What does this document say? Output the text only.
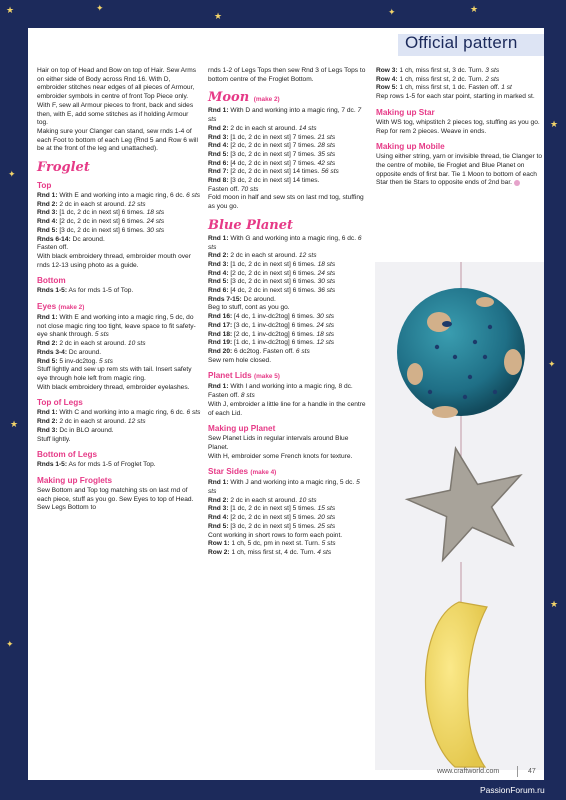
★	✦
★	✦	★
✦
★
✦
★
✦
★
Official pattern

Hair on top of Head and Bow on top of Hair. Sew Arms on either side of Body across Rnd 16. With D, embroider stitches near edges of all pieces of Armour, embroider symbols in centre of front Top Piece only. With F, sew all Armour pieces to front, back and sides then, with E, add some stitches as if holding Armour tog.

Making sure your Clanger can stand, sew rnds 1-4 of each Foot to bottom of each Leg (Rnd 5 and Row 6 will be at the front of the leg and unattached).

Froglet
Top

Rnd 1: With E and working into a magic ring, 6 dc. 6 sts

Rnd 2: 2 dc in each st around. 12 sts

Rnd 3: [1 dc, 2 dc in next st] 6 times. 18 sts

Rnd 4: [2 dc, 2 dc in next st] 6 times. 24 sts

Rnd 5: [3 dc, 2 dc in next st] 6 times. 30 sts

Rnds 6-14: Dc around.

Fasten off.

With black embroidery thread, embroider mouth over rnds 12-13 using photo as a guide.

Bottom

Rnds 1-5: As for rnds 1-5 of Top.

Eyes (make 2)

Rnd 1: With E and working into a magic ring, 5 dc, do not close magic ring too tight, leave space to fit safety-eye shank through. 5 sts

Rnd 2: 2 dc in each st around. 10 sts

Rnds 3-4: Dc around.

Rnd 5: 5 inv-dc2tog. 5 sts

Stuff lightly and sew up rem sts with tail. Insert safety eye through hole left from magic ring.

With black embroidery thread, embroider eyelashes.

Top of Legs

Rnd 1: With C and working into a magic ring, 6 dc. 6 sts

Rnd 2: 2 dc in each st around. 12 sts

Rnd 3: Dc in BLO around.

Stuff lightly.

Bottom of Legs

Rnds 1-5: As for rnds 1-5 of Froglet Top.

Making up Froglets

Sew Bottom and Top tog matching sts on last rnd of each piece, stuff as you go. Sew Eyes to top of Head. Sew Legs Bottom to

rnds 1-2 of Legs Tops then sew Rnd 3 of Legs Tops to bottom centre of the Froglet Bottom.

Moon (make 2)

Rnd 1: With D and working into a magic ring, 7 dc. 7 sts

Rnd 2: 2 dc in each st around. 14 sts

Rnd 3: [1 dc, 2 dc in next st] 7 times. 21 sts

Rnd 4: [2 dc, 2 dc in next st] 7 times. 28 sts

Rnd 5: [3 dc, 2 dc in next st] 7 times. 35 sts

Rnd 6: [4 dc, 2 dc in next st] 7 times. 42 sts

Rnd 7: [2 dc, 2 dc in next st] 14 times. 56 sts

Rnd 8: [3 dc, 2 dc in next st] 14 times.

Fasten off. 70 sts

Fold moon in half and sew sts on last rnd tog, stuffing as you go.

Blue Planet

Rnd 1: With G and working into a magic ring, 6 dc. 6 sts

Rnd 2: 2 dc in each st around. 12 sts

Rnd 3: [1 dc, 2 dc in next st] 6 times. 18 sts

Rnd 4: [2 dc, 2 dc in next st] 6 times. 24 sts

Rnd 5: [3 dc, 2 dc in next st] 6 times. 30 sts

Rnd 6: [4 dc, 2 dc in next st] 6 times. 36 sts

Rnds 7-15: Dc around.

Beg to stuff, cont as you go.

Rnd 16: [4 dc, 1 inv-dc2tog] 6 times. 30 sts

Rnd 17: [3 dc, 1 inv-dc2tog] 6 times. 24 sts

Rnd 18: [2 dc, 1 inv-dc2tog] 6 times. 18 sts

Rnd 19: [1 dc, 1 inv-dc2tog] 6 times. 12 sts

Rnd 20: 6 dc2tog. Fasten off. 6 sts

Sew rem hole closed.

Planet Lids (make 5)

Rnd 1: With I and working into a magic ring, 8 dc. Fasten off. 8 sts

With J, embroider a little line for a handle in the centre of each Lid.

Making up Planet

Sew Planet Lids in regular intervals around Blue Planet.

With H, embroider some French knots for texture.

Star Sides (make 4)

Rnd 1: With J and working into a magic ring, 5 dc. 5 sts

Rnd 2: 2 dc in each st around. 10 sts

Rnd 3: [1 dc, 2 dc in next st] 5 times. 15 sts

Rnd 4: [2 dc, 2 dc in next st] 5 times. 20 sts

Rnd 5: [3 dc, 2 dc in next st] 5 times. 25 sts

Cont working in short rows to form each point.

Row 1: 1 ch, 5 dc, pm in next st. Turn. 5 sts

Row 2: 1 ch, miss first st, 4 dc. Turn. 4 sts

Row 3: 1 ch, miss first st, 3 dc. Turn. 3 sts

Row 4: 1 ch, miss first st, 2 dc. Turn. 2 sts

Row 5: 1 ch, miss first st, 1 dc. Fasten off. 1 st

Rep rows 1-5 for each star point, starting in marked st.

Making up Star

With WS tog, whipstitch 2 pieces tog, stuffing as you go. Rep for rem 2 pieces. Weave in ends.

Making up Mobile

Using either string, yarn or invisible thread, tie Clanger to the centre of mobile, tie Froglet and Blue Planet on opposite ends of first bar. Tie 1 Moon to bottom of each Star then tie Stars to opposite ends of 2nd bar.

www.craftworld.com	47
PassionForum.ru
